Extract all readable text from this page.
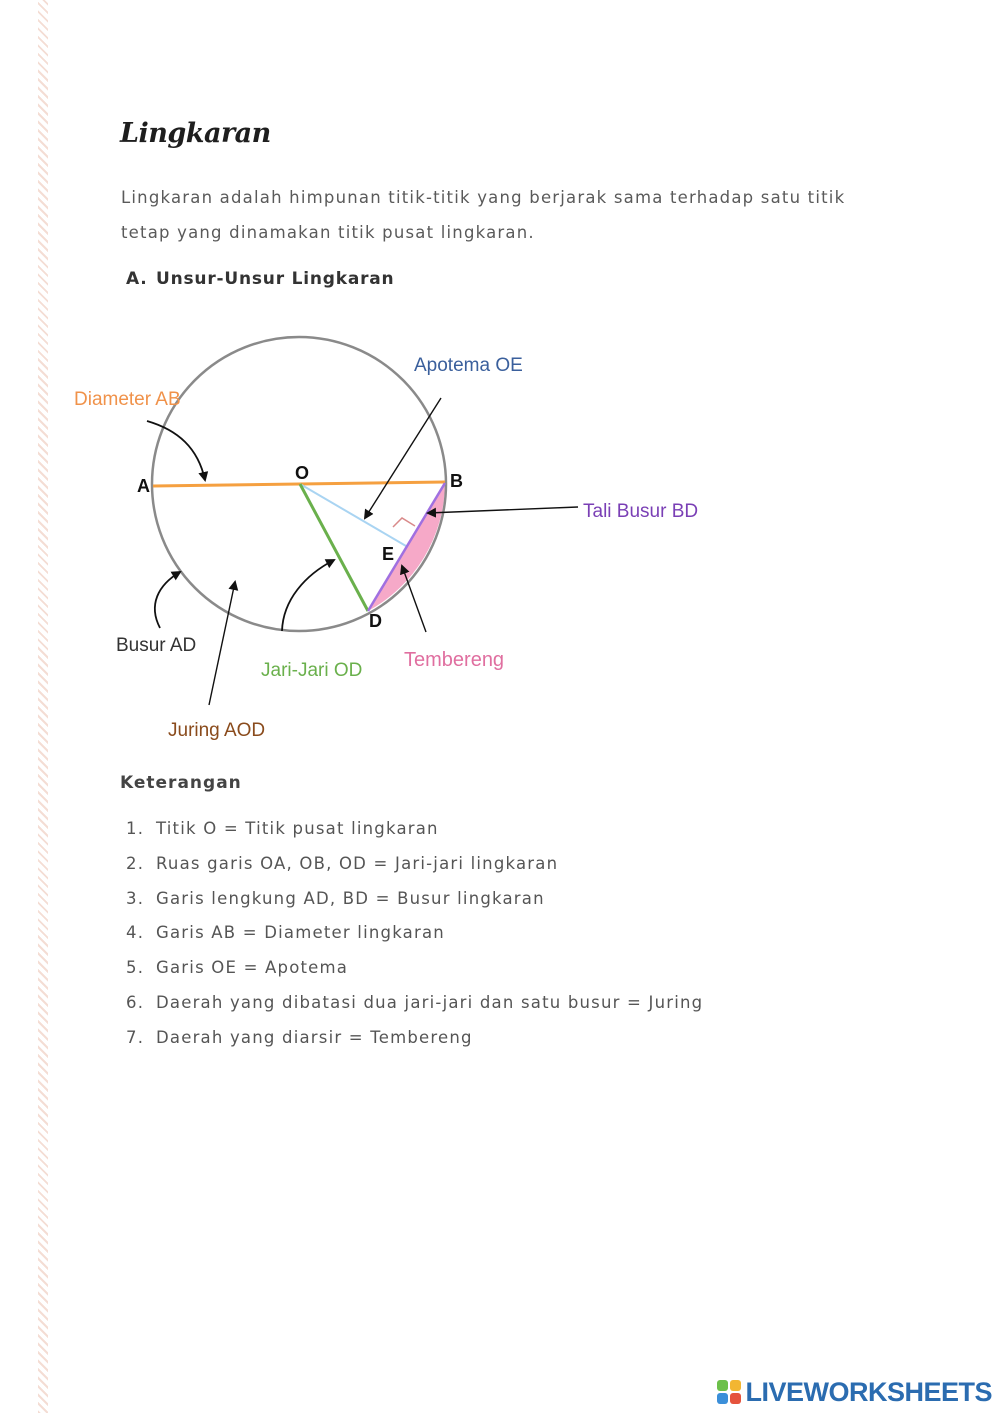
Lingkaran

Lingkaran adalah himpunan titik-titik yang berjarak sama terhadap satu titik tetap yang dinamakan titik pusat lingkaran.

A. Unsur-Unsur Lingkaran
A
O	B
E
D
Diameter AB
Apotema OE
Tali Busur BD
Busur AD
Jari-Jari OD Tembereng
Juring AOD
Keterangan
1. Titik O = Titik pusat lingkaran
2. Ruas garis OA, OB, OD = Jari-jari lingkaran
3. Garis lengkung AD, BD = Busur lingkaran
4. Garis AB = Diameter lingkaran
5. Garis OE = Apotema
6. Daerah yang dibatasi dua jari-jari dan satu busur = Juring
7. Daerah yang diarsir = Tembereng
LIVEWORKSHEETS
